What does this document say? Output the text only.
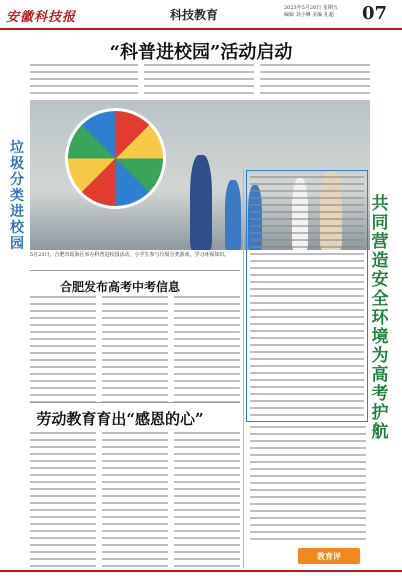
安徽科技报	科技教育	2023年5月26日 星期五
编辑 刘小琳 美编 孔超 07
“科普进校园”活动启动
垃圾分类进校园
5月23日，合肥市瑶海区举办科普进校园活动，小学生参与垃圾分类游戏，学习环保知识。
合肥发布高考中考信息
劳动教育育出“感恩的心”
共同营造安全环境为高考护航
教育评
